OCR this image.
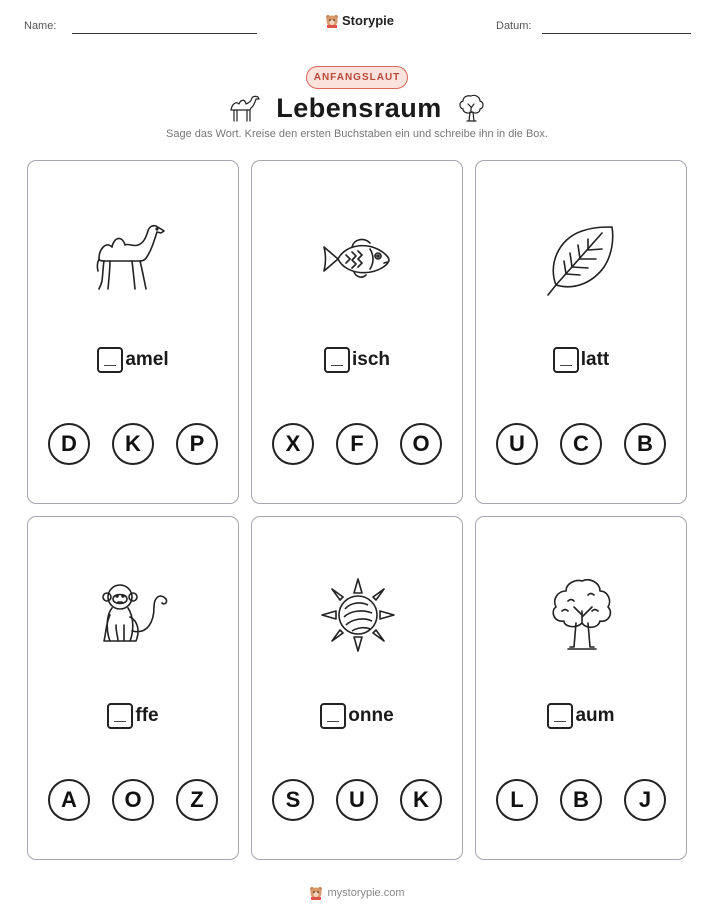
Name:	Storypie	Datum:
ANFANGSLAUT
Lebensraum
Sage das Wort. Kreise den ersten Buchstaben ein und schreibe ihn in die Box.
amel
D	K	P
isch
X	F	O
latt
U	C	B
ffe
A	O	Z
onne
S	U	K
aum
L	B	J
mystorypie.com
